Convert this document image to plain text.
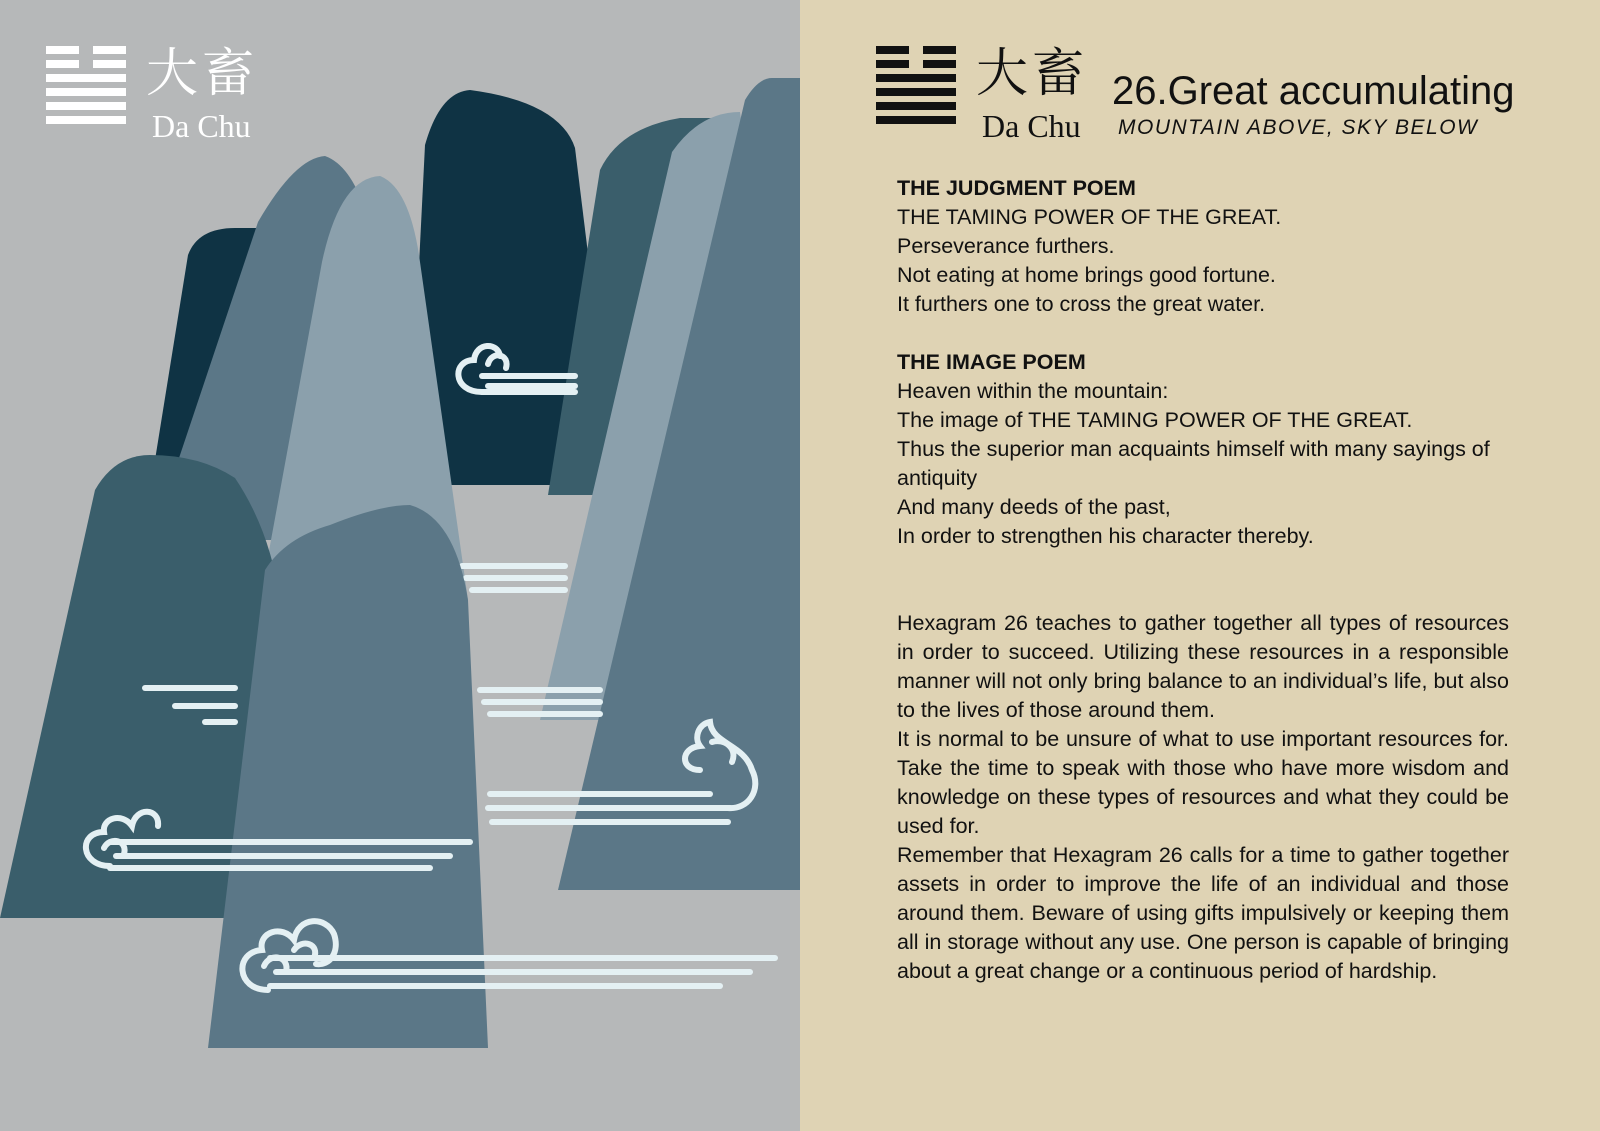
大畜
Da Chu
大畜
Da Chu
26.Great accumulating
MOUNTAIN ABOVE, SKY BELOW
THE JUDGMENT POEM

THE TAMING POWER OF THE GREAT.
Perseverance furthers.
Not eating at home brings good fortune.
It furthers one to cross the great water.

THE IMAGE POEM

Heaven within the mountain:
The image of THE TAMING POWER OF THE GREAT.
Thus the superior man acquaints himself with many sayings of antiquity
And many deeds of the past,
In order to strengthen his character thereby.

Hexagram 26 teaches to gather together all types of resources in order to succeed. Utilizing these resources in a responsible manner will not only bring balance to an individual’s life, but also to the lives of those around them.

It is normal to be unsure of what to use important resources for. Take the time to speak with those who have more wisdom and knowledge on these types of resources and what they could be used for.

Remember that Hexagram 26 calls for a time to gather together assets in order to improve the life of an individual and those around them. Beware of using gifts impulsively or keeping them all in storage without any use. One person is capable of bringing about a great change or a continuous period of hardship.
